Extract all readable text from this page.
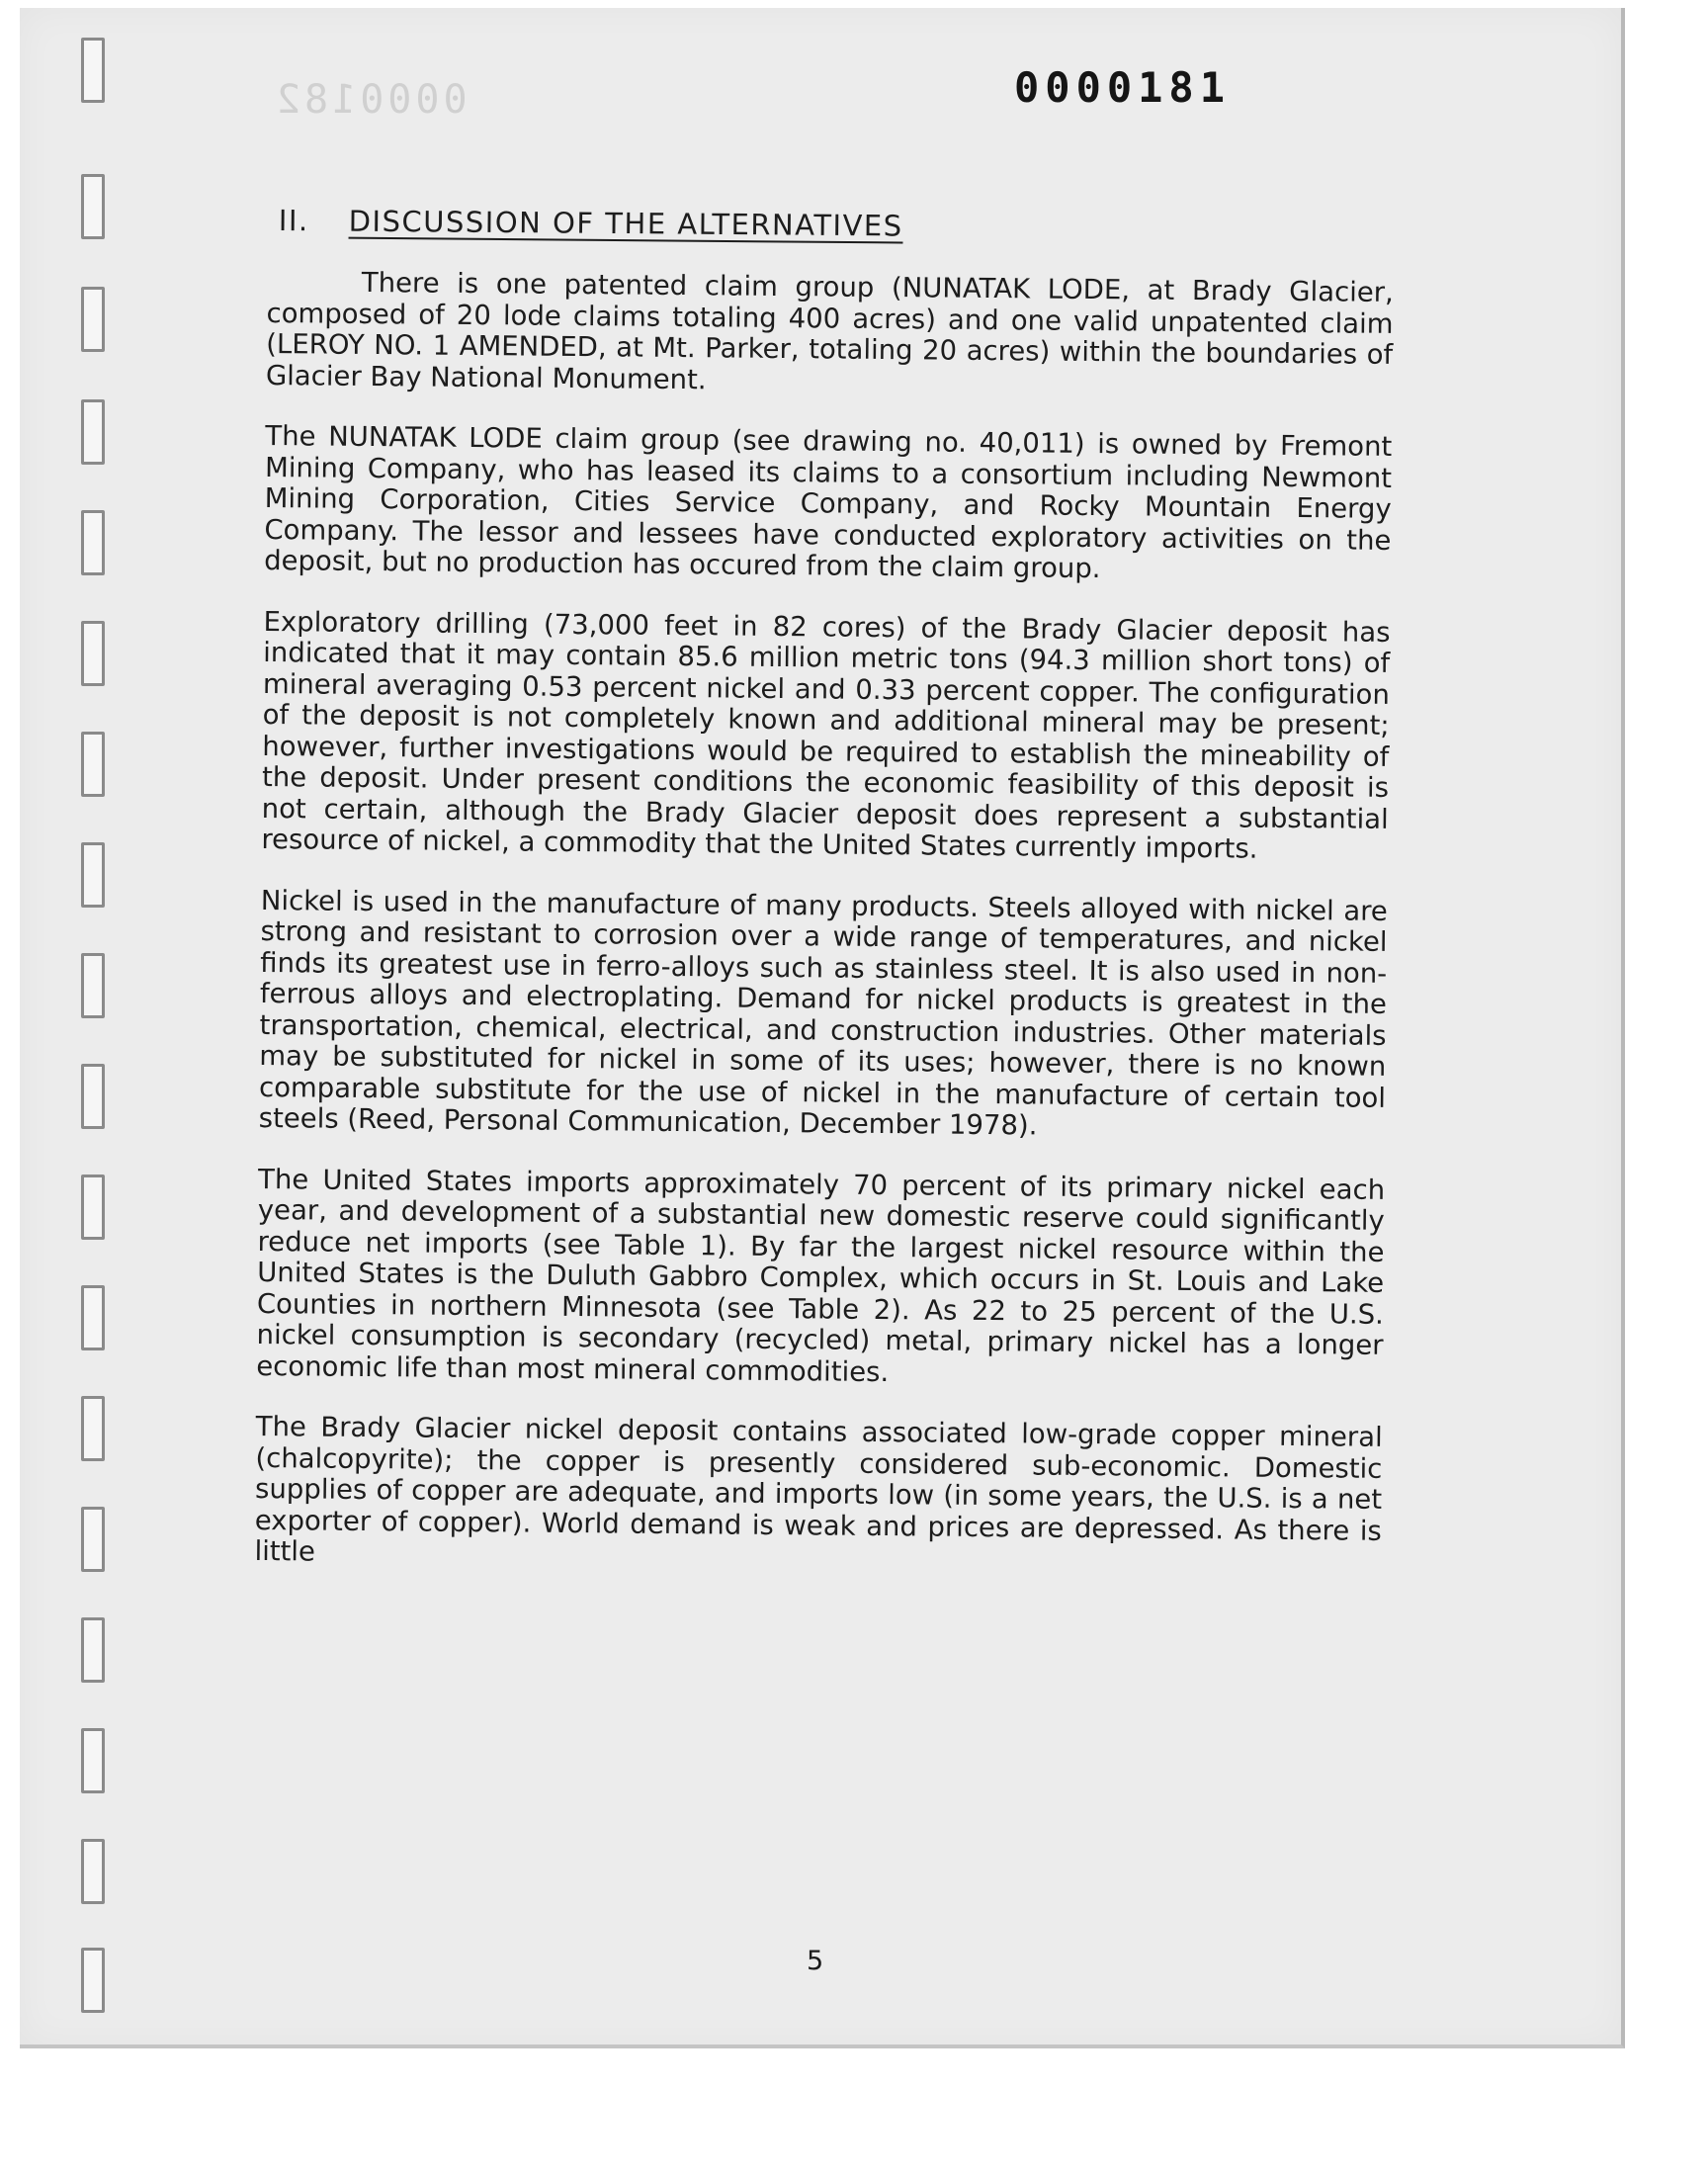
0000182	0000181
II. DISCUSSION OF THE ALTERNATIVES

There is one patented claim group (NUNATAK LODE, at Brady Glacier, composed of 20 lode claims totaling 400 acres) and one valid unpatented claim (LEROY NO. 1 AMENDED, at Mt. Parker, totaling 20 acres) within the boundaries of Glacier Bay National Monument.

The NUNATAK LODE claim group (see drawing no. 40,011) is owned by Fremont Mining Company, who has leased its claims to a consortium including Newmont Mining Corporation, Cities Service Company, and Rocky Mountain Energy Company. The lessor and lessees have conducted exploratory activities on the deposit, but no production has occured from the claim group.

Exploratory drilling (73,000 feet in 82 cores) of the Brady Glacier deposit has indicated that it may contain 85.6 million metric tons (94.3 million short tons) of mineral averaging 0.53 percent nickel and 0.33 percent copper. The configuration of the deposit is not completely known and additional mineral may be present; however, further investigations would be required to establish the mineability of the deposit. Under present conditions the economic feasibility of this deposit is not certain, although the Brady Glacier deposit does represent a substantial resource of nickel, a commodity that the United States currently imports.

Nickel is used in the manufacture of many products. Steels alloyed with nickel are strong and resistant to corrosion over a wide range of temperatures, and nickel finds its greatest use in ferro-alloys such as stainless steel. It is also used in non-ferrous alloys and electroplating. Demand for nickel products is greatest in the transportation, chemical, electrical, and construction industries. Other materials may be substituted for nickel in some of its uses; however, there is no known comparable substitute for the use of nickel in the manufacture of certain tool steels (Reed, Personal Communication, December 1978).

The United States imports approximately 70 percent of its primary nickel each year, and development of a substantial new domestic reserve could significantly reduce net imports (see Table 1). By far the largest nickel resource within the United States is the Duluth Gabbro Complex, which occurs in St. Louis and Lake Counties in northern Minnesota (see Table 2). As 22 to 25 percent of the U.S. nickel consumption is secondary (recycled) metal, primary nickel has a longer economic life than most mineral commodities.

The Brady Glacier nickel deposit contains associated low-grade copper mineral (chalcopyrite); the copper is presently considered sub-economic. Domestic supplies of copper are adequate, and imports low (in some years, the U.S. is a net exporter of copper). World demand is weak and prices are depressed. As there is little

5
